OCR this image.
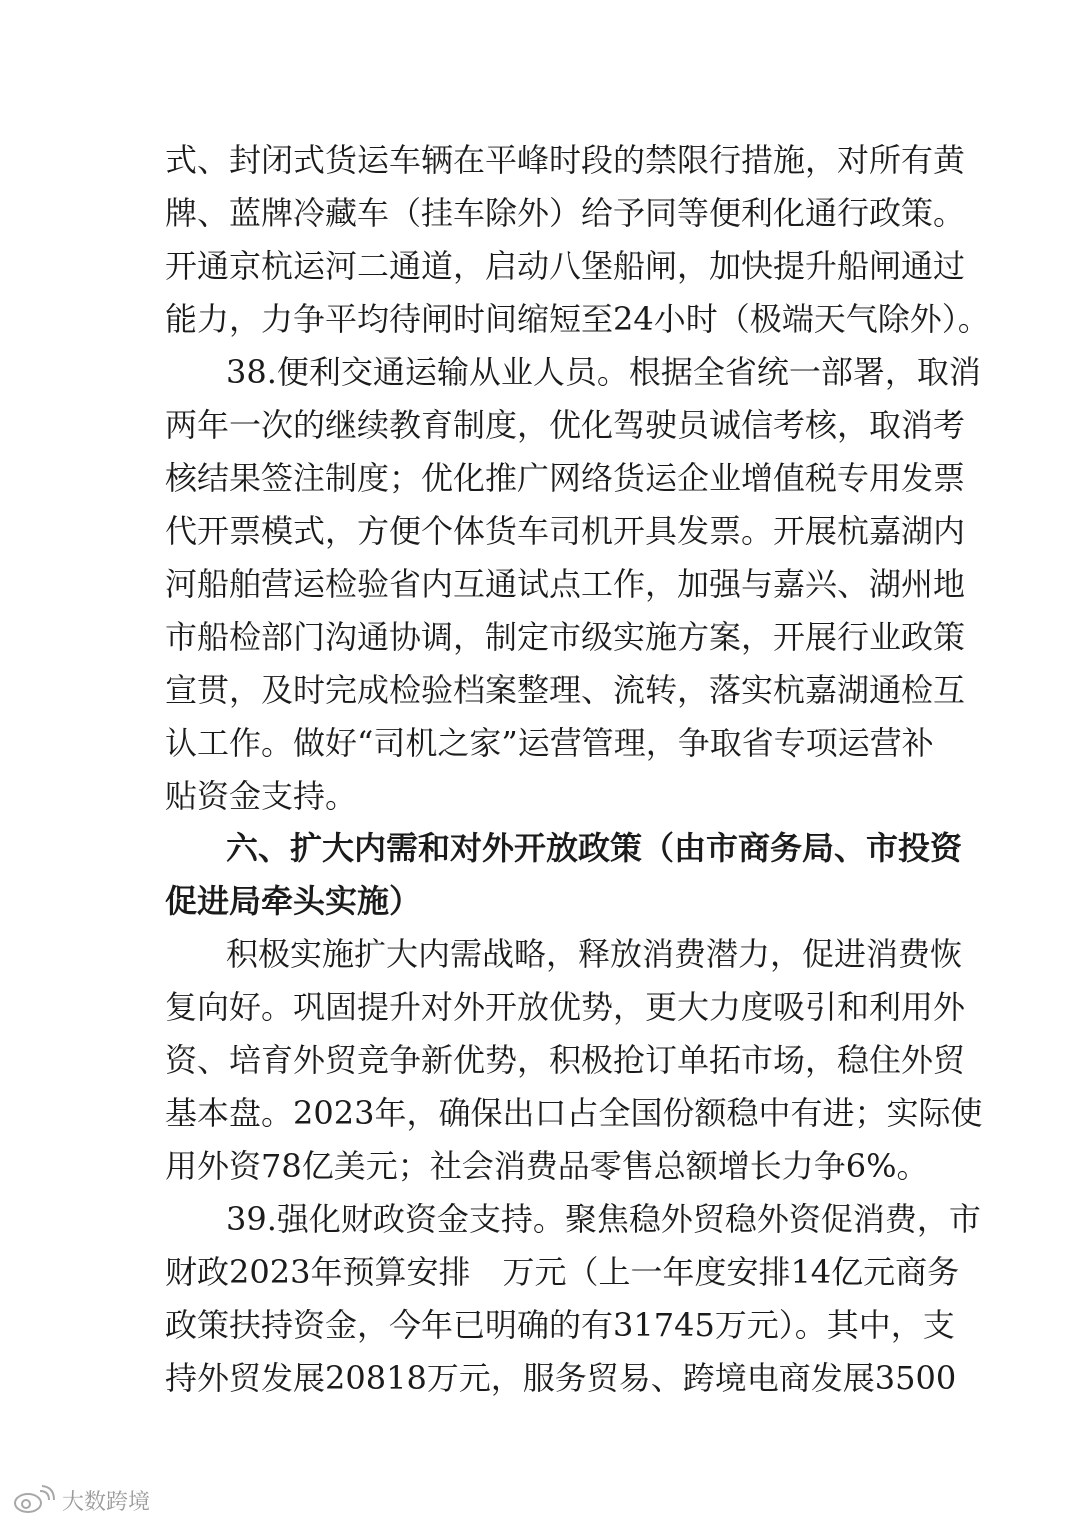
式、封闭式货运车辆在平峰时段的禁限行措施，对所有黄
牌、蓝牌冷藏车（挂车除外）给予同等便利化通行政策。
开通京杭运河二通道，启动八堡船闸，加快提升船闸通过
能力，力争平均待闸时间缩短至24小时（极端天气除外）。
38.便利交通运输从业人员。根据全省统一部署，取消
两年一次的继续教育制度，优化驾驶员诚信考核，取消考
核结果签注制度；优化推广网络货运企业增值税专用发票
代开票模式，方便个体货车司机开具发票。开展杭嘉湖内
河船舶营运检验省内互通试点工作，加强与嘉兴、湖州地
市船检部门沟通协调，制定市级实施方案，开展行业政策
宣贯，及时完成检验档案整理、流转，落实杭嘉湖通检互
认工作。做好“司机之家”运营管理，争取省专项运营补
贴资金支持。
六、扩大内需和对外开放政策（由市商务局、市投资
促进局牵头实施）
积极实施扩大内需战略，释放消费潜力，促进消费恢
复向好。巩固提升对外开放优势，更大力度吸引和利用外
资、培育外贸竞争新优势，积极抢订单拓市场，稳住外贸
基本盘。2023年，确保出口占全国份额稳中有进；实际使
用外资78亿美元；社会消费品零售总额增长力争6%。
39.强化财政资金支持。聚焦稳外贸稳外资促消费，市
财政2023年预算安排　万元（上一年度安排14亿元商务
政策扶持资金，今年已明确的有31745万元）。其中，支
持外贸发展20818万元，服务贸易、跨境电商发展3500
大数跨境
